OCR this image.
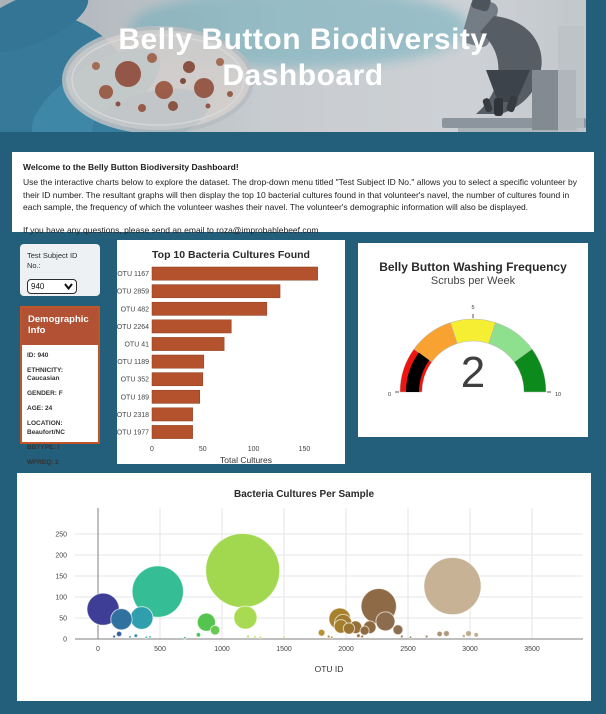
Belly Button Biodiversity
Dashboard
Welcome to the Belly Button Biodiversity Dashboard!
Use the interactive charts below to explore the dataset. The drop-down menu titled "Test Subject ID No." allows you to select a specific volunteer by their ID number. The resultant graphs will then display the top 10 bacterial cultures found in that volunteer's navel, the number of cultures found in each sample, the frequency of which the volunteer washes their navel. The volunteer's demographic information will also be displayed.
If you have any questions, please send an email to roza@improbablebeef.com
Test Subject ID No.:
940
Demographic Info
ID: 940
ETHNICITY: Caucasian
GENDER: F
AGE: 24
LOCATION: Beaufort/NC
BBTYPE: I
WFREQ: 2
Top 10 Bacteria Cultures Found
0	50	100	150
OTU 1167
OTU 2859
OTU 482
OTU 2264
OTU 41
OTU 1189
OTU 352
OTU 189
OTU 2318
OTU 1977
Total Cultures
Belly Button Washing Frequency
Scrubs per Week
0
5
10
2
Bacteria Cultures Per Sample
0
50
100
150
200
250
0	500	1000	1500	2000	2500	3000	3500
OTU ID
